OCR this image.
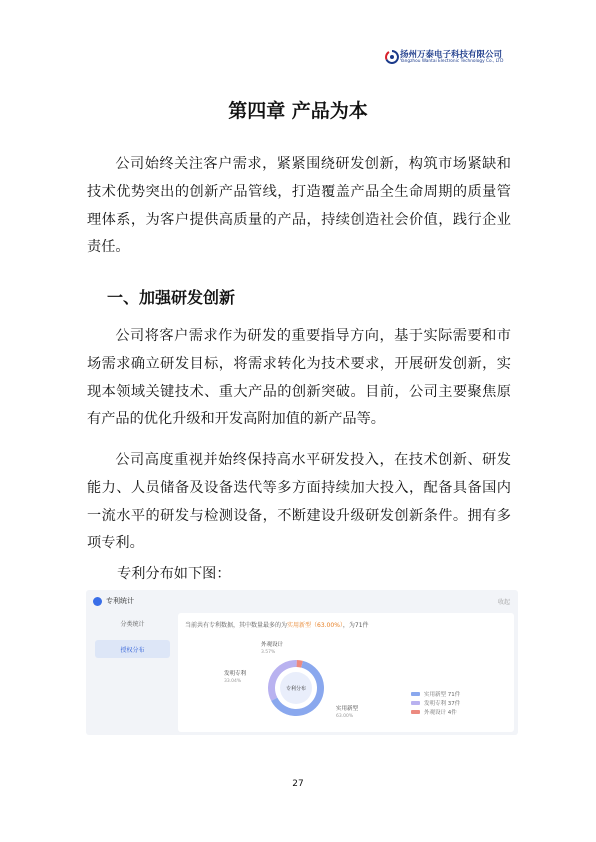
扬州万泰电子科技有限公司
Yangzhou Wantai Electronic Technology Co., LTD
第四章 产品为本

公司始终关注客户需求，紧紧围绕研发创新，构筑市场紧缺和技术优势突出的创新产品管线，打造覆盖产品全生命周期的质量管理体系，为客户提供高质量的产品，持续创造社会价值，践行企业责任。

一、加强研发创新

公司将客户需求作为研发的重要指导方向，基于实际需要和市场需求确立研发目标，将需求转化为技术要求，开展研发创新，实现本领域关键技术、重大产品的创新突破。目前，公司主要聚焦原有产品的优化升级和开发高附加值的新产品等。

公司高度重视并始终保持高水平研发投入，在技术创新、研发能力、人员储备及设备迭代等多方面持续加大投入，配备具备国内一流水平的研发与检测设备，不断建设升级研发创新条件。拥有多项专利。

专利分布如下图：

专利统计	收起
分类统计
授权分布
当前共有专利数据，其中数量最多的为实用新型（63.00%），为71件
专利分布
实用新型
63.00%
发明专利
33.04%
外观设计
3.57%
实用新型 71件
发明专利 37件
外观设计 4件
27
